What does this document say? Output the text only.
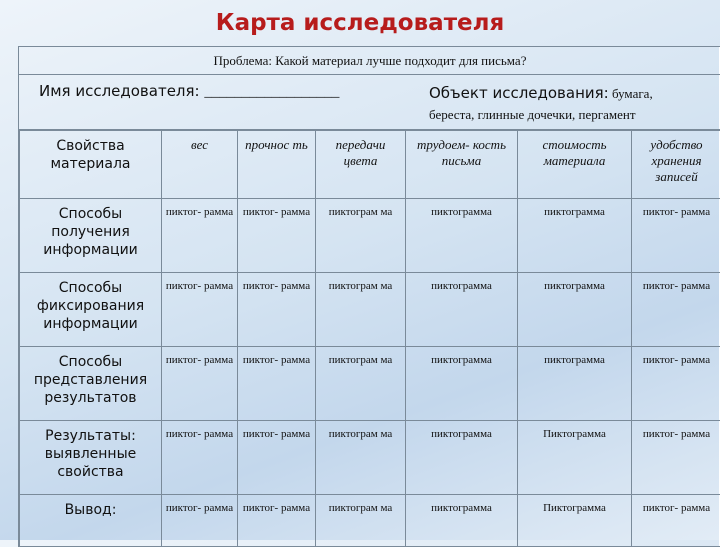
Карта исследователя
Проблема: Какой материал лучше подходит для письма?
Имя исследователя: __________________	Объект исследования: бумага,
береста, глинные дочечки, пергамент
Свойства материала	вес	прочнос ть	передачи цвета	трудоем- кость письма	стоимость материала	удобство хранения записей
Способы получения информации	пиктог- рамма	пиктог- рамма	пиктограм ма	пиктограмма	пиктограмма	пиктог- рамма
Способы фиксирования информации	пиктог- рамма	пиктог- рамма	пиктограм ма	пиктограмма	пиктограмма	пиктог- рамма
Способы представления результатов	пиктог- рамма	пиктог- рамма	пиктограм ма	пиктограмма	пиктограмма	пиктог- рамма
Результаты: выявленные свойства	пиктог- рамма	пиктог- рамма	пиктограм ма	пиктограмма	Пиктограмма	пиктог- рамма
Вывод:	пиктог- рамма	пиктог- рамма	пиктограм ма	пиктограмма	Пиктограмма	пиктог- рамма
